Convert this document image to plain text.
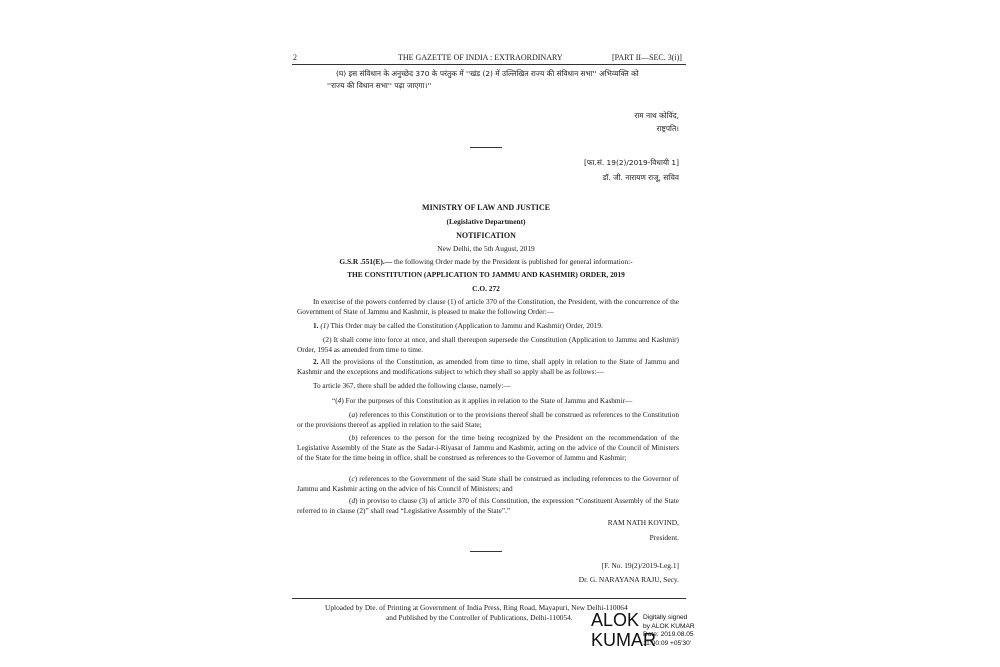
2	THE GAZETTE OF INDIA : EXTRAORDINARY	[PART II—SEC. 3(i)]
(घ) इस संविधान के अनुच्छेद 370 के परंतुक में ''खंड (2) में उल्लिखित राज्य की संविधान सभा'' अभिव्यक्ति को
''राज्य की विधान सभा'' पढ़ा जाएगा।''
राम नाथ कोविंद,
राष्ट्रपति।
[फा.सं. 19(2)/2019-विधायी 1]
डॉ. जी. नारायण राजू, सचिव
MINISTRY OF LAW AND JUSTICE
(Legislative Department)
NOTIFICATION
New Delhi, the 5th August, 2019
G.S.R .551(E).— the following Order made by the President is published for general information:-
THE CONSTITUTION (APPLICATION TO JAMMU AND KASHMIR) ORDER, 2019
C.O. 272
In exercise of the powers conferred by clause (1) of article 370 of the Constitution, the President, with the concurrence of the Government of State of Jammu and Kashmir, is pleased to make the following Order:—
1. (1) This Order may be called the Constitution (Application to Jammu and Kashmir) Order, 2019.
(2) It shall come into force at once, and shall thereupon supersede the Constitution (Application to Jammu and Kashmir) Order, 1954 as amended from time to time.
2. All the provisions of the Constitution, as amended from time to time, shall apply in relation to the State of Jammu and Kashmir and the exceptions and modifications subject to which they shall so apply shall be as follows:—
To article 367, there shall be added the following clause, namely:—
“(4) For the purposes of this Constitution as it applies in relation to the State of Jammu and Kashmir—
(a) references to this Constitution or to the provisions thereof shall be construed as references to the Constitution or the provisions thereof as applied in relation to the said State;
(b) references to the person for the time being recognized by the President on the recommendation of the Legislative Assembly of the State as the Sadar-i-Riyasat of Jammu and Kashmir, acting on the advice of the Council of Ministers of the State for the time being in office, shall be construed as references to the Governor of Jammu and Kashmir;
(c) references to the Government of the said State shall be construed as including references to the Governor of Jammu and Kashmir acting on the advice of his Council of Ministers; and
(d) in proviso to clause (3) of article 370 of this Constitution, the expression “Constituent Assembly of the State referred to in clause (2)” shall read “Legislative Assembly of the State”.”
RAM NATH KOVIND,
President.
[F. No. 19(2)/2019-Leg.1]
Dr. G. NARAYANA RAJU, Secy.
Uploaded by Dte. of Printing at Government of India Press, Ring Road, Mayapuri, New Delhi-110064
and Published by the Controller of Publications, Delhi-110054. ALOK
KUMAR
Digitally signed
by ALOK KUMAR
Date: 2019.08.05
11:00:09 +05'30'
